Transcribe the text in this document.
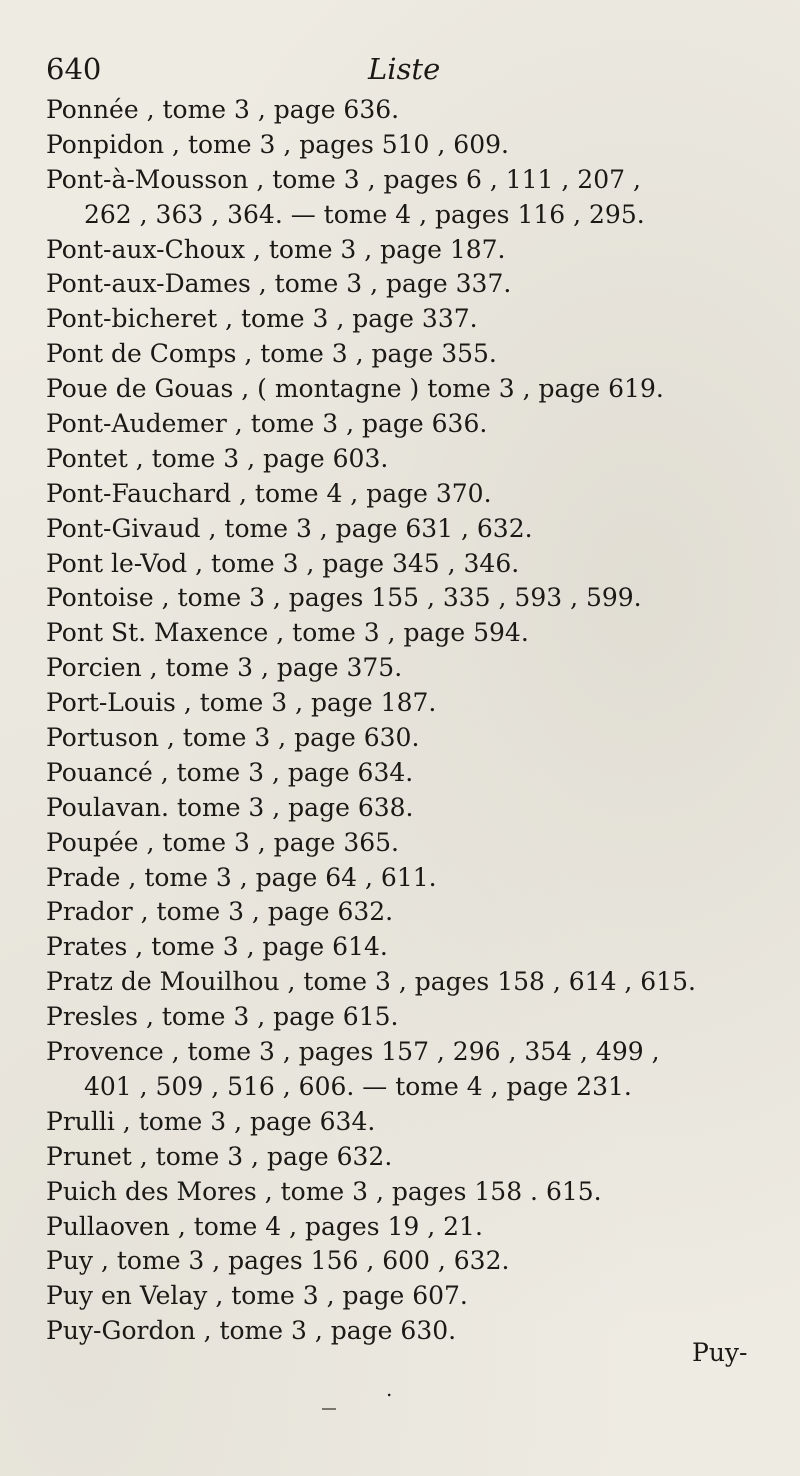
640	Liste
Ponnée , tome 3 , page 636.
Ponpidon , tome 3 , pages 510 , 609.
Pont-à-Mousson , tome 3 , pages 6 , 111 , 207 ,
262 , 363 , 364. — tome 4 , pages 116 , 295.
Pont-aux-Choux , tome 3 , page 187.
Pont-aux-Dames , tome 3 , page 337.
Pont-bicheret , tome 3 , page 337.
Pont de Comps , tome 3 , page 355.
Poue de Gouas , ( montagne ) tome 3 , page 619.
Pont-Audemer , tome 3 , page 636.
Pontet , tome 3 , page 603.
Pont-Fauchard , tome 4 , page 370.
Pont-Givaud , tome 3 , page 631 , 632.
Pont le-Vod , tome 3 , page 345 , 346.
Pontoise , tome 3 , pages 155 , 335 , 593 , 599.
Pont St. Maxence , tome 3 , page 594.
Porcien , tome 3 , page 375.
Port-Louis , tome 3 , page 187.
Portuson , tome 3 , page 630.
Pouancé , tome 3 , page 634.
Poulavan. tome 3 , page 638.
Poupée , tome 3 , page 365.
Prade , tome 3 , page 64 , 611.
Prador , tome 3 , page 632.
Prates , tome 3 , page 614.
Pratz de Mouilhou , tome 3 , pages 158 , 614 , 615.
Presles , tome 3 , page 615.
Provence , tome 3 , pages 157 , 296 , 354 , 499 ,
401 , 509 , 516 , 606. — tome 4 , page 231.
Prulli , tome 3 , page 634.
Prunet , tome 3 , page 632.
Puich des Mores , tome 3 , pages 158 . 615.
Pullaoven , tome 4 , pages 19 , 21.
Puy , tome 3 , pages 156 , 600 , 632.
Puy en Velay , tome 3 , page 607.
Puy-Gordon , tome 3 , page 630.
Puy-
.
